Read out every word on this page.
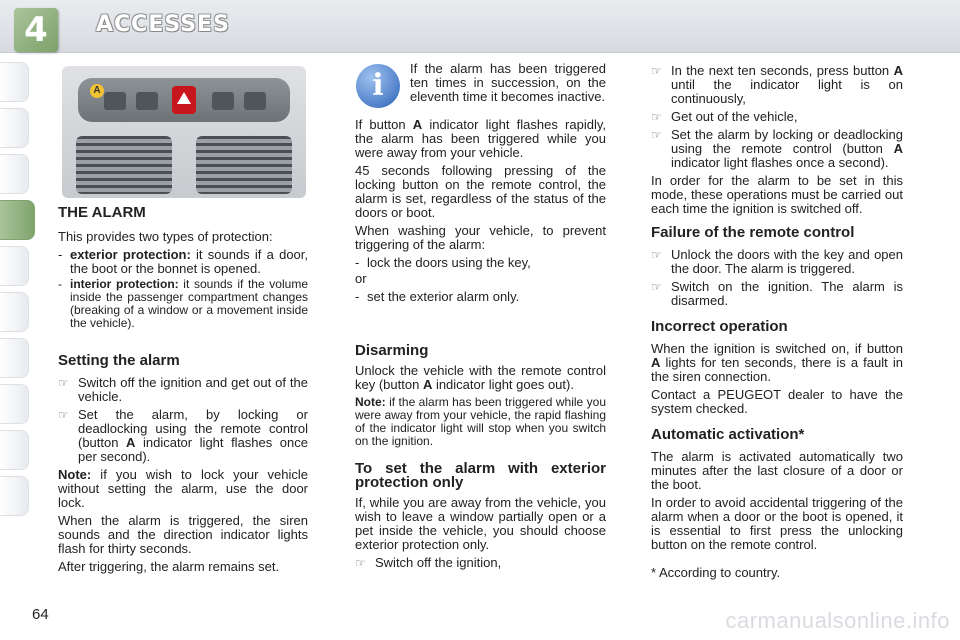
4	ACCESSES
A
THE ALARM

This provides two types of protection:

- exterior protection: it sounds if a door, the boot or the bonnet is opened.
- interior protection: it sounds if the volume inside the passenger compartment changes (breaking of a window or a movement inside the vehicle).
Setting the alarm
☞ Switch off the ignition and get out of the vehicle.
☞ Set the alarm, by locking or deadlocking using the remote control (button A indicator light flashes once per second).

Note: if you wish to lock your vehicle without setting the alarm, use the door lock.

When the alarm is triggered, the siren sounds and the direction indicator lights flash for thirty seconds.

After triggering, the alarm remains set.

i	If the alarm has been triggered ten times in succession, on the eleventh time it becomes inactive.

If button A indicator light flashes rapidly, the alarm has been triggered while you were away from your vehicle.

45 seconds following pressing of the locking button on the remote control, the alarm is set, regardless of the status of the doors or boot.

When washing your vehicle, to prevent triggering of the alarm:

- lock the doors using the key,

or

- set the exterior alarm only.
Disarming

Unlock the vehicle with the remote control key (button A indicator light goes out).

Note: if the alarm has been triggered while you were away from your vehicle, the rapid flashing of the indicator light will stop when you switch on the ignition.

To set the alarm with exterior protection only

If, while you are away from the vehicle, you wish to leave a window partially open or a pet inside the vehicle, you should choose exterior protection only.

☞ Switch off the ignition,
☞ In the next ten seconds, press button A until the indicator light is on continuously,
☞ Get out of the vehicle,
☞ Set the alarm by locking or deadlocking using the remote control (button A indicator light flashes once a second).

In order for the alarm to be set in this mode, these operations must be carried out each time the ignition is switched off.

Failure of the remote control
☞ Unlock the doors with the key and open the door. The alarm is triggered.
☞ Switch on the ignition. The alarm is disarmed.
Incorrect operation

When the ignition is switched on, if button A lights for ten seconds, there is a fault in the siren connection.

Contact a PEUGEOT dealer to have the system checked.

Automatic activation*

The alarm is activated automatically two minutes after the last closure of a door or the boot.

In order to avoid accidental triggering of the alarm when a door or the boot is opened, it is essential to first press the unlocking button on the remote control.

* According to country.

64	carmanualsonline.info
